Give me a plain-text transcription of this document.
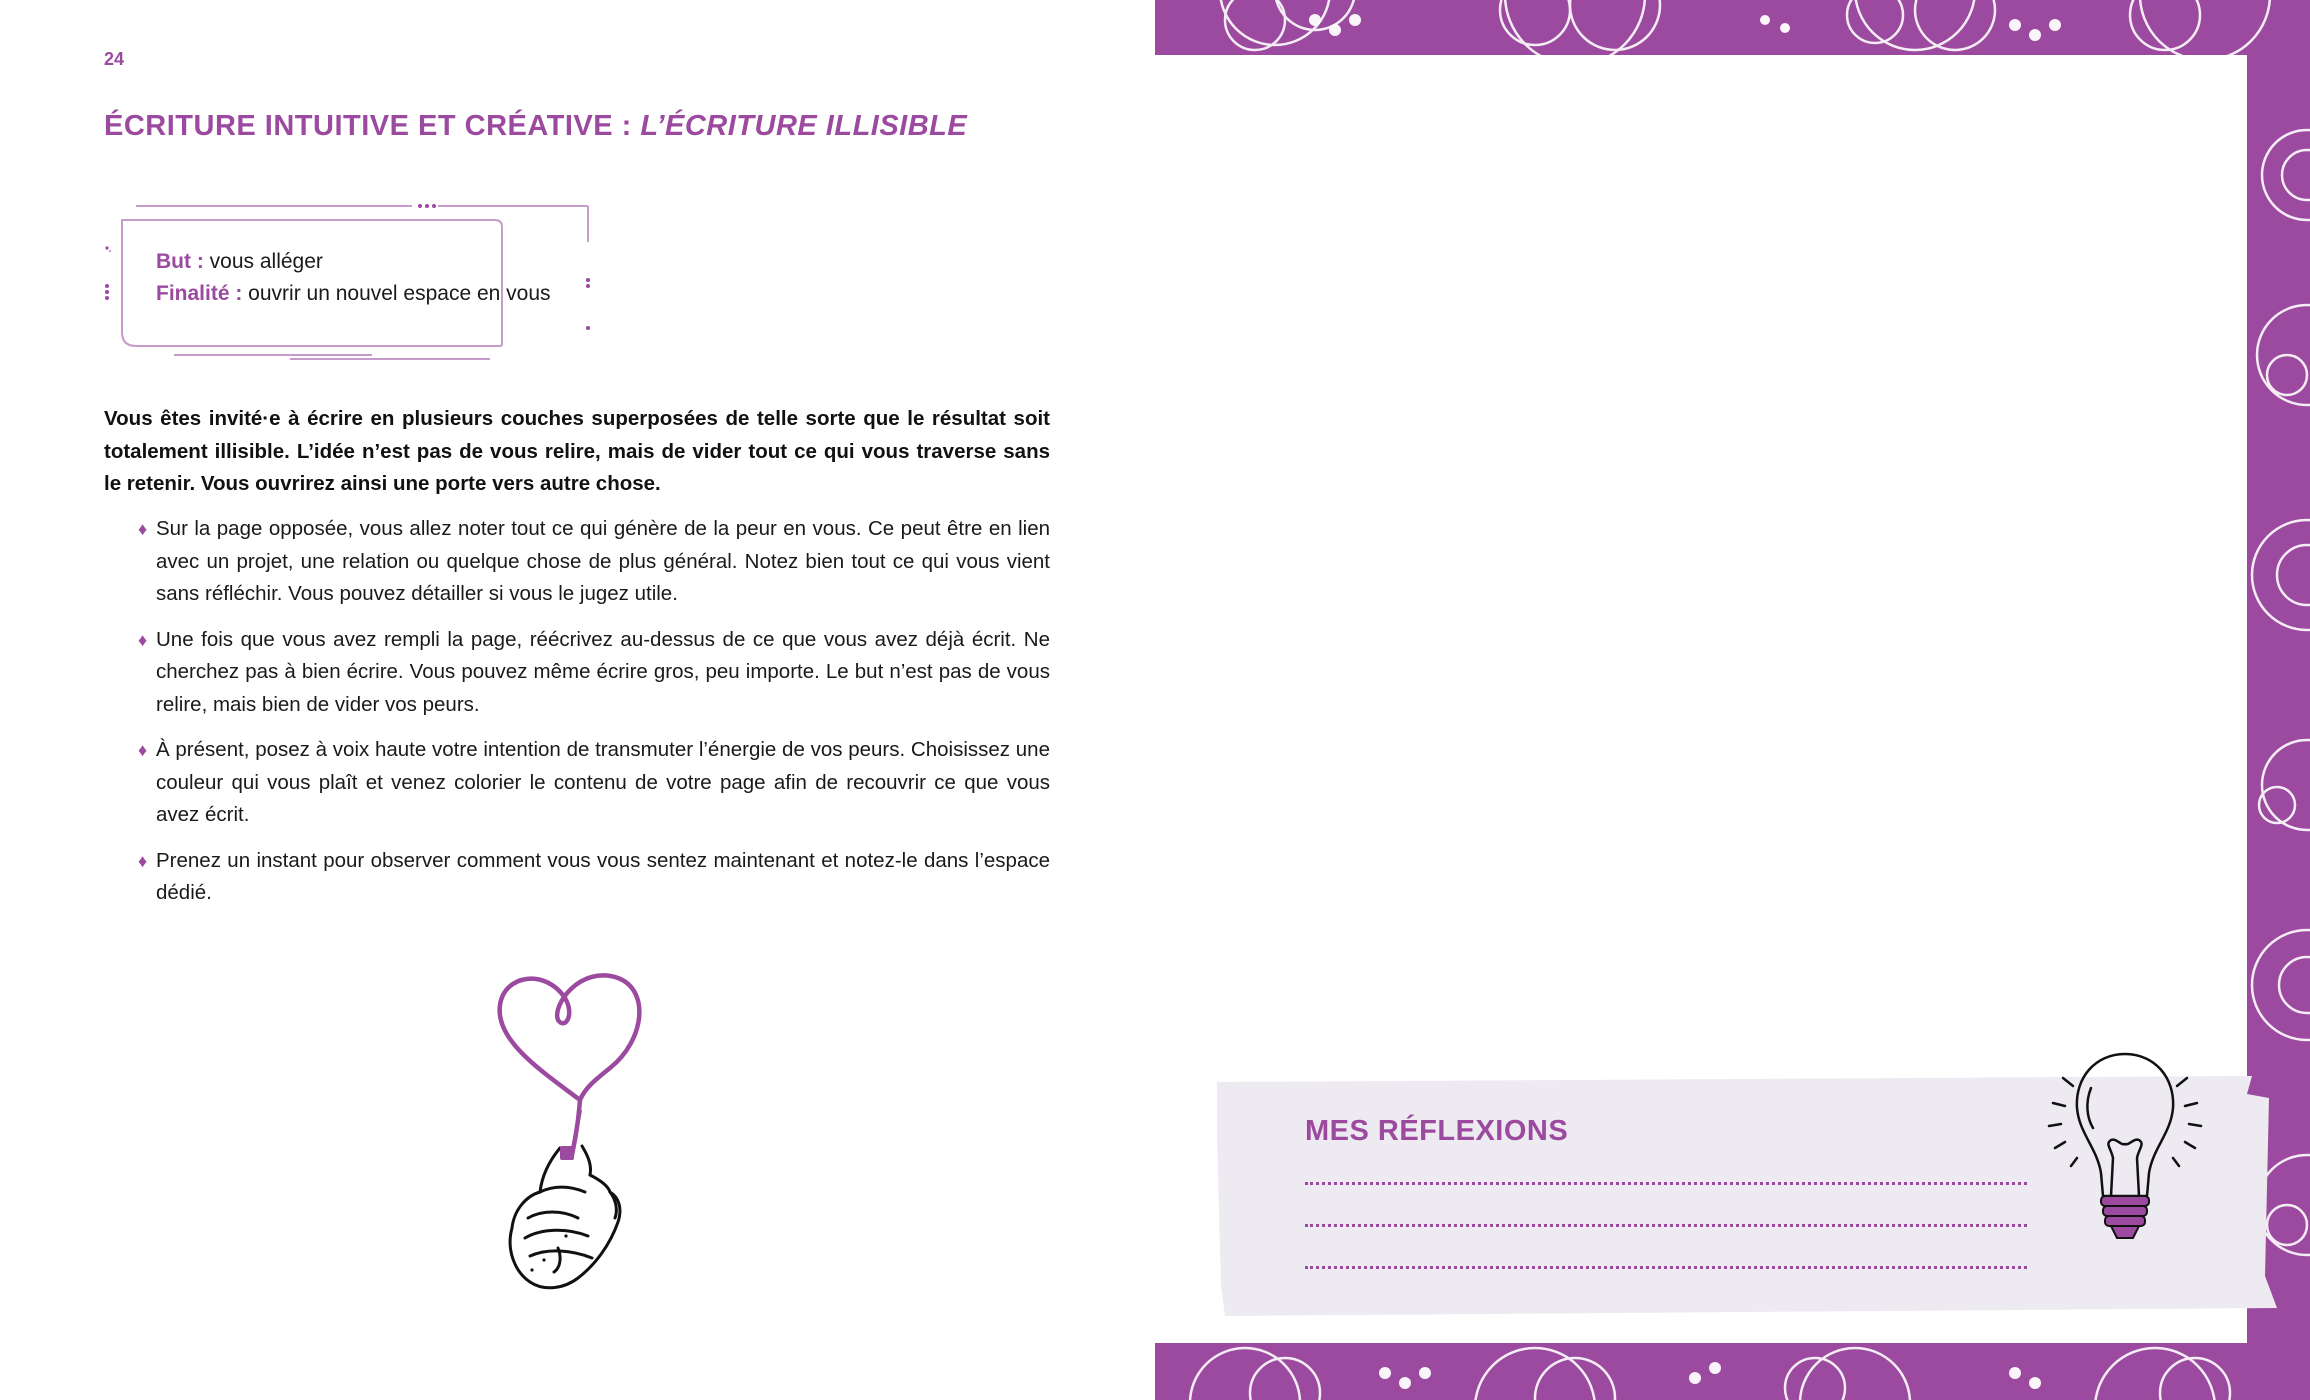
24
ÉCRITURE INTUITIVE ET CRÉATIVE : L’ÉCRITURE ILLISIBLE
But : vous alléger
Finalité : ouvrir un nouvel espace en vous

Vous êtes invité·e à écrire en plusieurs couches superposées de telle sorte que le résultat soit totalement illisible. L’idée n’est pas de vous relire, mais de vider tout ce qui vous traverse sans le retenir. Vous ouvrirez ainsi une porte vers autre chose.

♦ Sur la page opposée, vous allez noter tout ce qui génère de la peur en vous. Ce peut être en lien avec un projet, une relation ou quelque chose de plus général. Notez bien tout ce qui vous vient sans réfléchir. Vous pouvez détailler si vous le jugez utile.
♦ Une fois que vous avez rempli la page, réécrivez au-dessus de ce que vous avez déjà écrit. Ne cherchez pas à bien écrire. Vous pouvez même écrire gros, peu importe. Le but n’est pas de vous relire, mais bien de vider vos peurs.
♦ À présent, posez à voix haute votre intention de transmuter l’énergie de vos peurs. Choisissez une couleur qui vous plaît et venez colorier le contenu de votre page afin de recouvrir ce que vous avez écrit.
♦ Prenez un instant pour observer comment vous vous sentez maintenant et notez-le dans l’espace dédié.
MES RÉFLEXIONS
